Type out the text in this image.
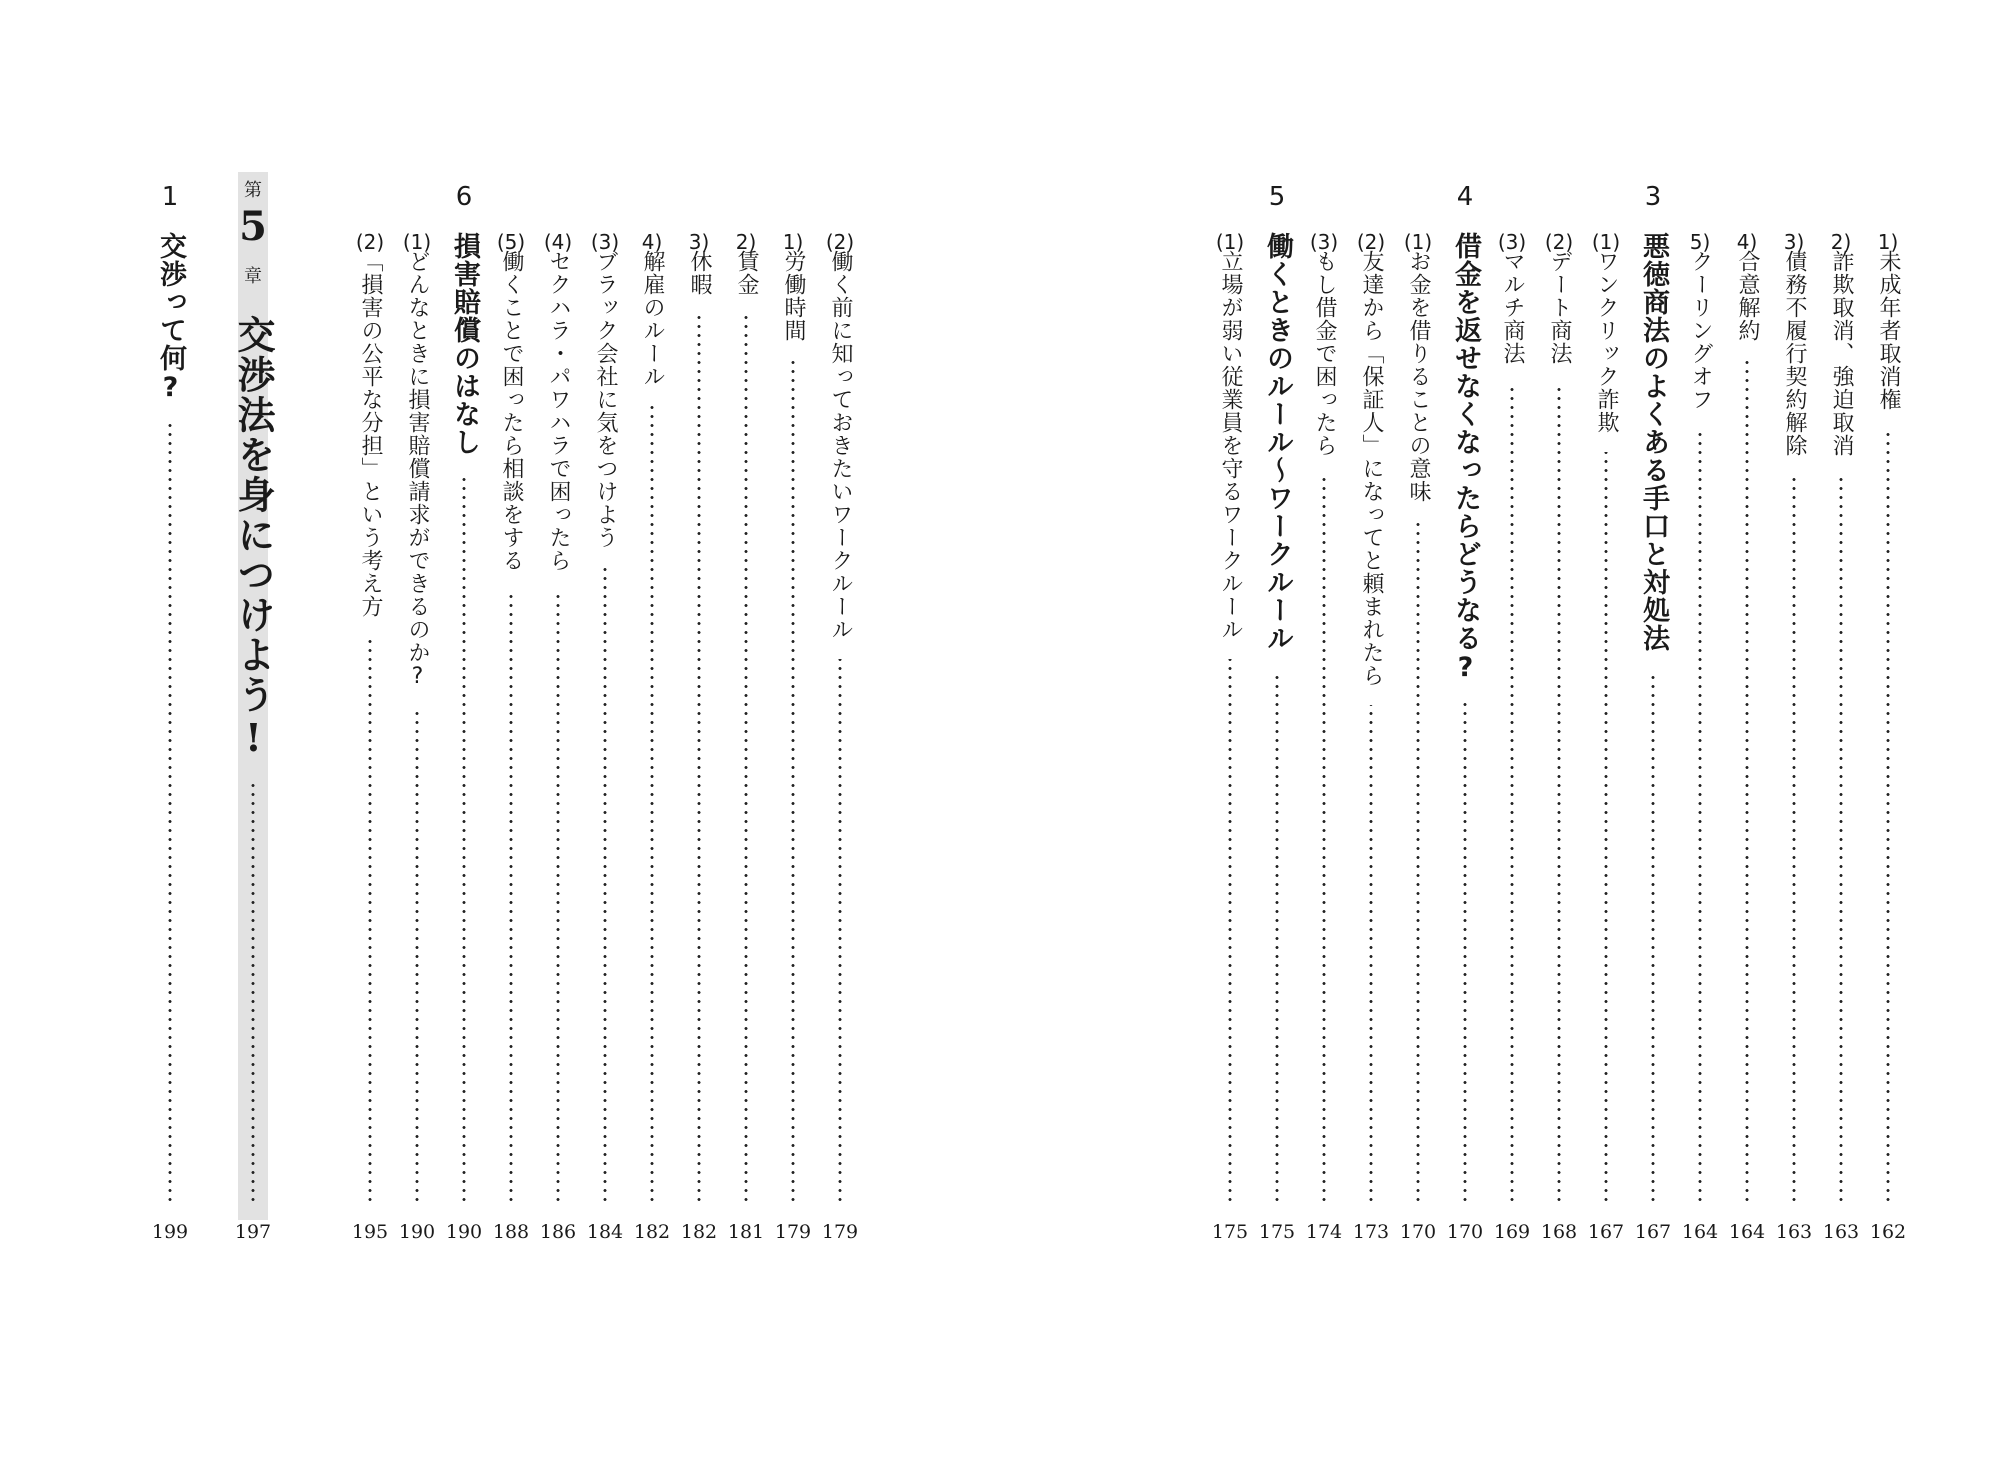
1)
未成年者取消権
162
2)
詐欺取消、強迫取消
163
3)
債務不履行契約解除
163
4)
合意解約
164
5)
クーリングオフ
164
3
悪徳商法のよくある手口と対処法
167
(1)
ワンクリック詐欺
167
(2)
デート商法
168
(3)
マルチ商法
169
4
借金を返せなくなったらどうなる?
170
(1)
お金を借りることの意味
170
(2)
友達から「保証人」になってと頼まれたら
173
(3)
もし借金で困ったら
174
5
働くときのルール〜ワークルール
175
(1)
立場が弱い従業員を守るワークルール
175
(2)
働く前に知っておきたいワークルール
179
1)
労働時間
179
2)
賃金
181
3)
休暇
182
4)
解雇のルール
182
(3)
ブラック会社に気をつけよう
184
(4)
セクハラ・パワハラで困ったら
186
(5)
働くことで困ったら相談をする
188
6
損害賠償のはなし
190
(1)
どんなときに損害賠償請求ができるのか?
190
(2)
「損害の公平な分担」という考え方
195
第
5
章
交渉法を身につけよう!
197
1
交渉って何?
199
